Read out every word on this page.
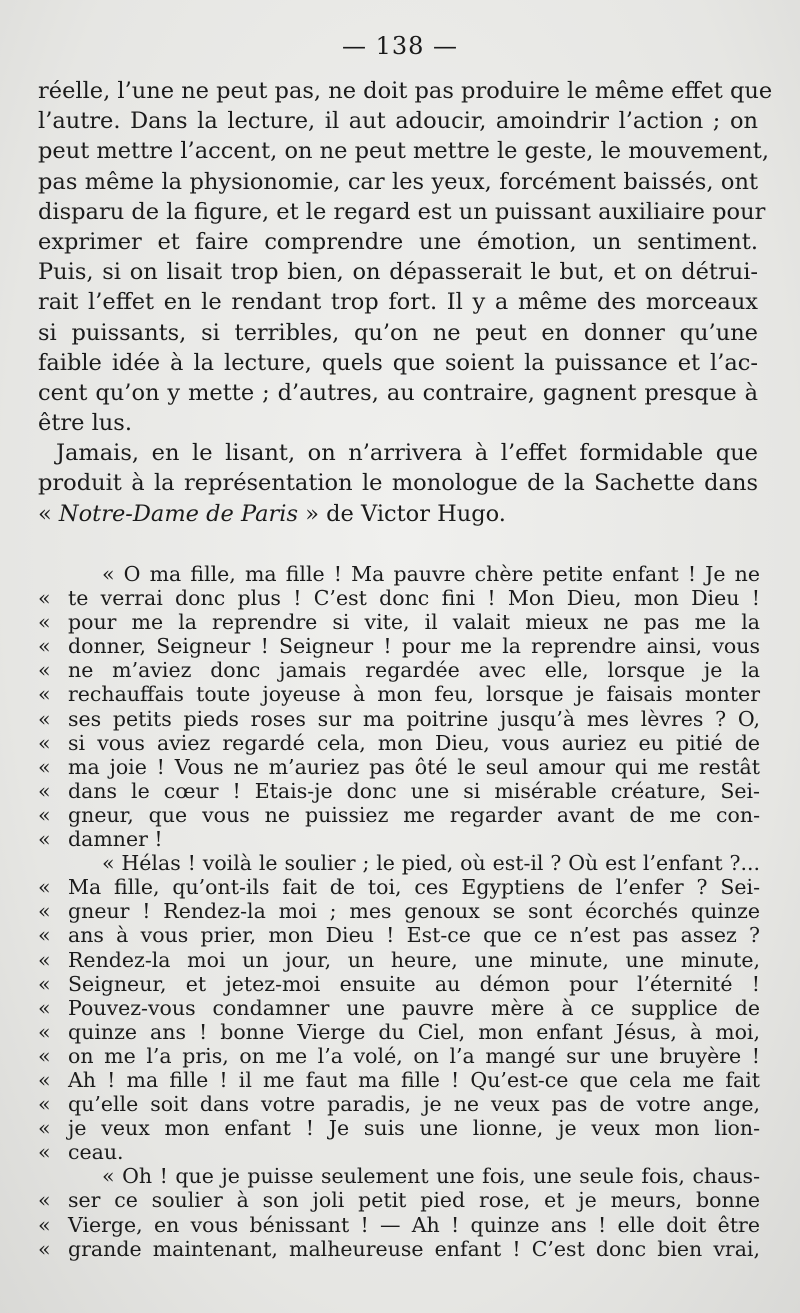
— 138 —
réelle, l’une ne peut pas, ne doit pas produire le même effet que
l’autre. Dans la lecture, il aut adoucir, amoindrir l’action ; on
peut mettre l’accent, on ne peut mettre le geste, le mouvement,
pas même la physionomie, car les yeux, forcément baissés, ont
disparu de la figure, et le regard est un puissant auxiliaire pour
exprimer et faire comprendre une émotion, un sentiment.
Puis, si on lisait trop bien, on dépasserait le but, et on détrui-
rait l’effet en le rendant trop fort. Il y a même des morceaux
si puissants, si terribles, qu’on ne peut en donner qu’une
faible idée à la lecture, quels que soient la puissance et l’ac-
cent qu’on y mette ; d’autres, au contraire, gagnent presque à
être lus.
Jamais, en le lisant, on n’arrivera à l’effet formidable que
produit à la représentation le monologue de la Sachette dans
« Notre-Dame de Paris » de Victor Hugo.
« O ma fille, ma fille ! Ma pauvre chère petite enfant ! Je ne
« te verrai donc plus ! C’est donc fini ! Mon Dieu, mon Dieu !
« pour me la reprendre si vite, il valait mieux ne pas me la
« donner, Seigneur ! Seigneur ! pour me la reprendre ainsi, vous
« ne m’aviez donc jamais regardée avec elle, lorsque je la
« rechauffais toute joyeuse à mon feu, lorsque je faisais monter
« ses petits pieds roses sur ma poitrine jusqu’à mes lèvres ? O,
« si vous aviez regardé cela, mon Dieu, vous auriez eu pitié de
« ma joie ! Vous ne m’auriez pas ôté le seul amour qui me restât
« dans le cœur ! Etais-je donc une si misérable créature, Sei-
« gneur, que vous ne puissiez me regarder avant de me con-
« damner !
« Hélas ! voilà le soulier ; le pied, où est-il ? Où est l’enfant ?...
« Ma fille, qu’ont-ils fait de toi, ces Egyptiens de l’enfer ? Sei-
« gneur ! Rendez-la moi ; mes genoux se sont écorchés quinze
« ans à vous prier, mon Dieu ! Est-ce que ce n’est pas assez ?
« Rendez-la moi un jour, un heure, une minute, une minute,
« Seigneur, et jetez-moi ensuite au démon pour l’éternité !
« Pouvez-vous condamner une pauvre mère à ce supplice de
« quinze ans ! bonne Vierge du Ciel, mon enfant Jésus, à moi,
« on me l’a pris, on me l’a volé, on l’a mangé sur une bruyère !
« Ah ! ma fille ! il me faut ma fille ! Qu’est-ce que cela me fait
« qu’elle soit dans votre paradis, je ne veux pas de votre ange,
« je veux mon enfant ! Je suis une lionne, je veux mon lion-
« ceau.
« Oh ! que je puisse seulement une fois, une seule fois, chaus-
« ser ce soulier à son joli petit pied rose, et je meurs, bonne
« Vierge, en vous bénissant ! — Ah ! quinze ans ! elle doit être
« grande maintenant, malheureuse enfant ! C’est donc bien vrai,
